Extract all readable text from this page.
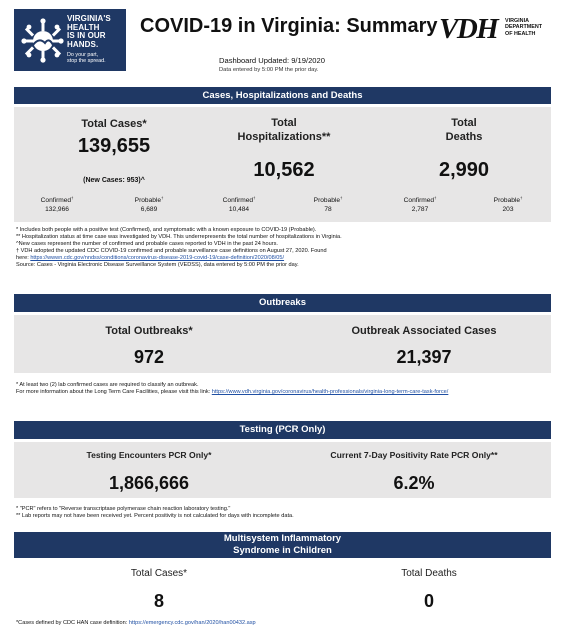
VIRGINIA'S
HEALTH
IS IN OUR
HANDS.
Do your part,
stop the spread.
COVID-19 in Virginia: Summary VDH VIRGINIA
DEPARTMENT
OF HEALTH
Dashboard Updated: 9/19/2020
Data entered by 5:00 PM the prior day.
Cases, Hospitalizations and Deaths
Total Cases*
139,655
(New Cases: 953)^
Total
Hospitalizations**
10,562
Total
Deaths
2,990
Confirmed†
132,966
Probable†
6,689
Confirmed†
10,484
Probable†
78
Confirmed†
2,787
Probable†
203
* Includes both people with a positive test (Confirmed), and symptomatic with a known exposure to COVID-19 (Probable).
** Hospitalization status at time case was investigated by VDH. This underrepresents the total number of hospitalizations in Virginia.
^New cases represent the number of confirmed and probable cases reported to VDH in the past 24 hours.
† VDH adopted the updated CDC COVID-19 confirmed and probable surveillance case definitions on August 27, 2020. Found
here: https://wwwn.cdc.gov/nndss/conditions/coronavirus-disease-2019-covid-19/case-definition/2020/08/05/
Source: Cases - Virginia Electronic Disease Surveillance System (VEDSS), data entered by 5:00 PM the prior day.
Outbreaks
Total Outbreaks*
972
Outbreak Associated Cases
21,397
* At least two (2) lab confirmed cases are required to classify an outbreak.
For more information about the Long Term Care Facilities, please visit this link: https://www.vdh.virginia.gov/coronavirus/health-professionals/virginia-long-term-care-task-force/
Testing (PCR Only)
Testing Encounters PCR Only*
1,866,666
Current 7-Day Positivity Rate PCR Only**
6.2%
* "PCR" refers to "Reverse transcriptase polymerase chain reaction laboratory testing."
** Lab reports may not have been received yet. Percent positivity is not calculated for days with incomplete data.
Multisystem Inflammatory
Syndrome in Children
Total Cases*
8
Total Deaths
0
*Cases defined by CDC HAN case definition: https://emergency.cdc.gov/han/2020/han00432.asp
